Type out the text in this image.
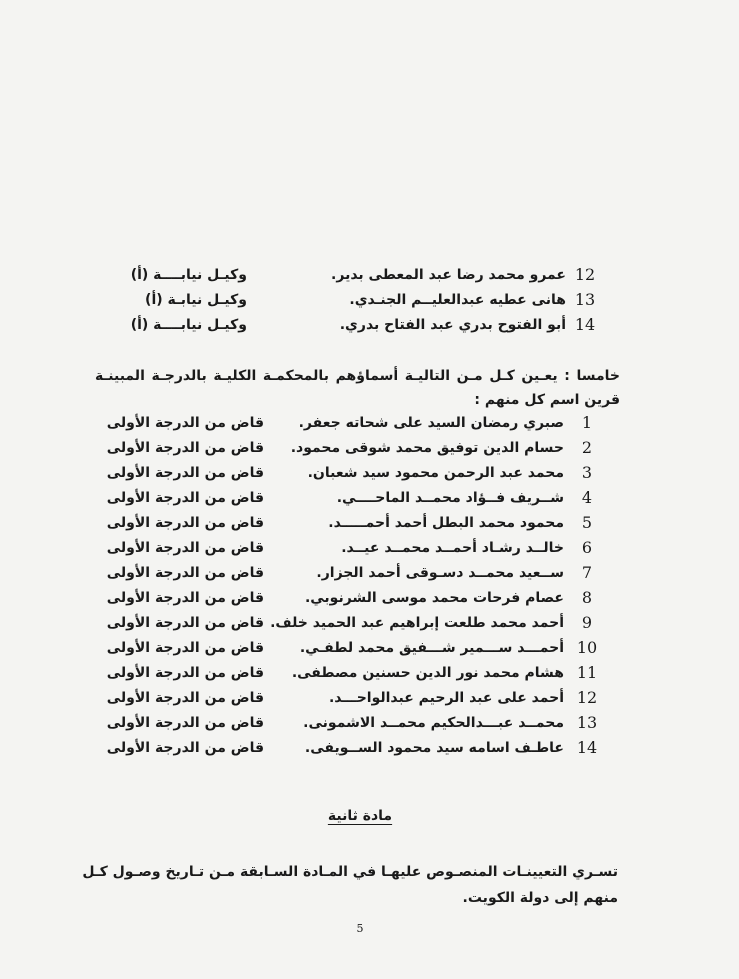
12
عمرو محمد رضا عبد المعطى بدير.
وكيـل نيابــــة (أ)
13
هانى عطيه عبدالعليــم الجنـدي.
وكيـل نيابـة (أ)
14
أبو الفتوح بدري عبد الفتاح بدري.
وكيـل نيابــــة (أ)
خامسا : يعـين كـل مـن التاليـة أسماؤهم بالمحكمـة الكليـة بالدرجـة المبينـة
قرين اسم كل منهم :
1
صبري رمضان السيد على شحاته جعفر.
قاض من الدرجة الأولى
2
حسام الدين توفيق محمد شوقى محمود.
قاض من الدرجة الأولى
3
محمد عبد الرحمن محمود سيد شعبان.
قاض من الدرجة الأولى
4
شــريف فــؤاد محمــد الماحــــي.
قاض من الدرجة الأولى
5
محمود محمد البطل أحمد أحمـــــد.
قاض من الدرجة الأولى
6
خالــد رشـاد أحمــد محمــد عيــد.
قاض من الدرجة الأولى
7
ســعيد محمــد دسـوقى أحمد الجزار.
قاض من الدرجة الأولى
8
عصام فرحات محمد موسى الشرنوبي.
قاض من الدرجة الأولى
9
أحمد محمد طلعت إبراهيم عبد الحميد خلف.
قاض من الدرجة الأولى
10
أحمـــد ســـمير شـــفيق محمد لطفـي.
قاض من الدرجة الأولى
11
هشام محمد نور الدين حسنين مصطفى.
قاض من الدرجة الأولى
12
أحمد على عبد الرحيم عبدالواحـــد.
قاض من الدرجة الأولى
13
محمــد عبـــدالحكيم محمــد الاشمونى.
قاض من الدرجة الأولى
14
عاطـف اسامه سيد محمود الســويفى.
قاض من الدرجة الأولى
مادة ثانية
تسـري التعيينـات المنصـوص عليهـا في المـادة السـابقة مـن تـاريخ وصـول كـل
منهم إلى دولة الكويت.
5
